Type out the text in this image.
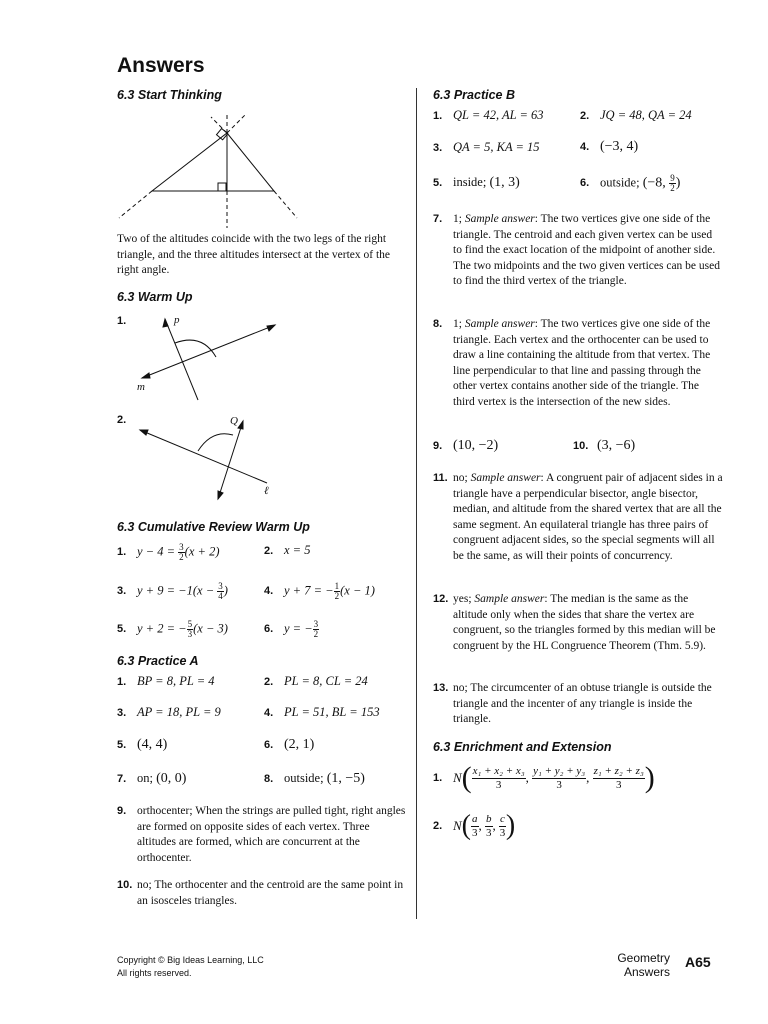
Answers
6.3 Start Thinking
Two of the altitudes coincide with the two legs of the right triangle, and the three altitudes intersect at the vertex of the right angle.
6.3 Warm Up
1.	p
m
2.	Q
ℓ
6.3 Cumulative Review Warm Up
1. $y - 4 = \frac{3}{2} (x + 2)$	2. x = 5
3. $y + 9 = -1(x - \frac{3}{4}$ )	4. y + 7 = − $\frac{1}{2} (x - 1)$
5. y + 2 = − $\frac{5}{3} (x - 3)$	6. y = − $\frac{3}{2}$
6.3 Practice A
1. BP = 8, PL = 4	2. PL = 8, CL = 24
3. AP = 18, PL = 9	4. PL = 51, BL = 153
5. (4, 4)	6. (2, 1)
7. on; (0, 0)	8. outside; (1, −5)
9. orthocenter; When the strings are pulled tight, right angles are formed on opposite sides of each vertex. Three altitudes are formed, which are concurrent at the orthocenter.
10. no; The orthocenter and the centroid are the same point in an isosceles triangles.
6.3 Practice B
1. QL = 42, AL = 63	2. JQ = 48, QA = 24
3. QA = 5, KA = 15	4. (−3, 4)
5. inside; (1, 3)	6. outside; (−8, $\frac{9}{2}$ )
7. 1; Sample answer: The two vertices give one side of the triangle. The centroid and each given vertex can be used to find the exact location of the midpoint of another side. The two midpoints and the two given vertices can be used to find the third vertex of the triangle.
8. 1; Sample answer: The two vertices give one side of the triangle. Each vertex and the orthocenter can be used to draw a line containing the altitude from that vertex. The line perpendicular to that line and passing through the other vertex contains another side of the triangle. The third vertex is the intersection of the new sides.
9. (10, −2)	10. (3, −6)
11. no; Sample answer: A congruent pair of adjacent sides in a triangle have a perpendicular bisector, angle bisector, median, and altitude from the shared vertex that are all the same segment. An equilateral triangle has three pairs of congruent adjacent sides, so the special segments will all be the same, as will their points of concurrency.
12. yes; Sample answer: The median is the same as the altitude only when the sides that share the vertex are congruent, so the triangles formed by this median will be congruent by the HL Congruence Theorem (Thm. 5.9).
13. no; The circumcenter of an obtuse triangle is outside the triangle and the incenter of any triangle is inside the triangle.
6.3 Enrichment and Extension
1. $N( \frac{\text{x₁ + x₂ + x₃}}{3}$ , $\frac{\text{y₁ + y₂ + y₃}}{3}$ , $\frac{\text{z₁ + z₂ + z₃}}{3}$ )
2. $N( \frac{a}{3}$ , $\frac{b}{3}$ , $\frac{c}{3}$ )
Copyright © Big Ideas Learning, LLC
All rights reserved.
Geometry
Answers
A65
